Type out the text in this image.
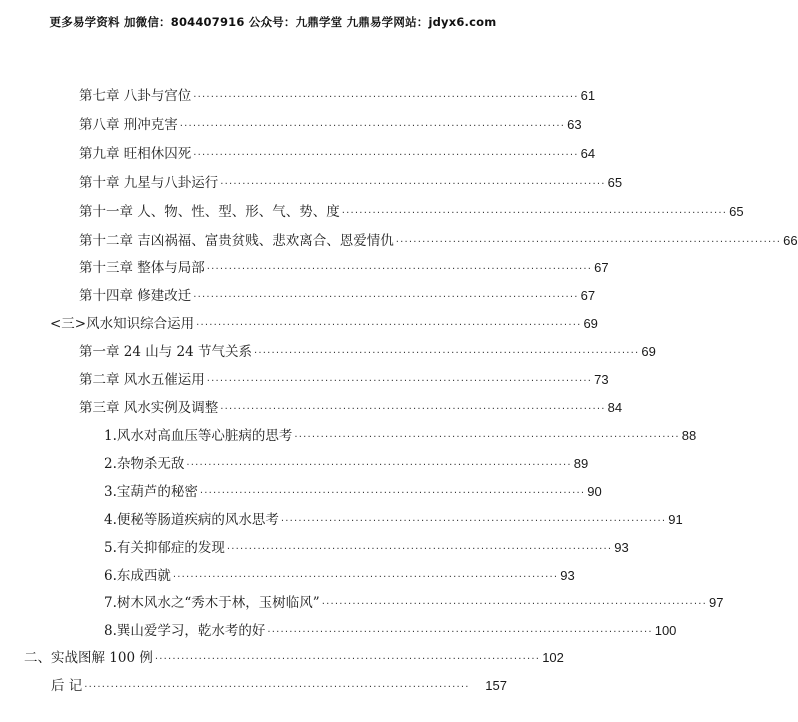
更多易学资料 加微信：804407916 公众号：九鼎学堂 九鼎易学网站：jdyx6.com
第七章 八卦与宫位 ························································································ 61
第八章 刑冲克害 ························································································ 63
第九章 旺相休囚死 ························································································ 64
第十章 九星与八卦运行 ························································································ 65
第十一章 人、物、性、型、形、气、势、度 ························································································ 65
第十二章 吉凶祸福、富贵贫贱、悲欢离合、恩爱情仇 ························································································ 66
第十三章 整体与局部 ························································································ 67
第十四章 修建改迁 ························································································ 67
<三>风水知识综合运用 ························································································ 69
第一章 24 山与 24 节气关系 ························································································ 69
第二章 风水五催运用 ························································································ 73
第三章 风水实例及调整 ························································································ 84
1.风水对高血压等心脏病的思考 ························································································ 88
2.杂物杀无敌 ························································································ 89
3.宝葫芦的秘密 ························································································ 90
4.便秘等肠道疾病的风水思考 ························································································ 91
5.有关抑郁症的发现 ························································································ 93
6.东成西就 ························································································ 93
7.树木风水之“秀木于林，玉树临风” ························································································ 97
8.巽山爱学习，乾水考的好 ························································································ 100
二、实战图解 100 例 ························································································ 102
后 记 ························································································	157
